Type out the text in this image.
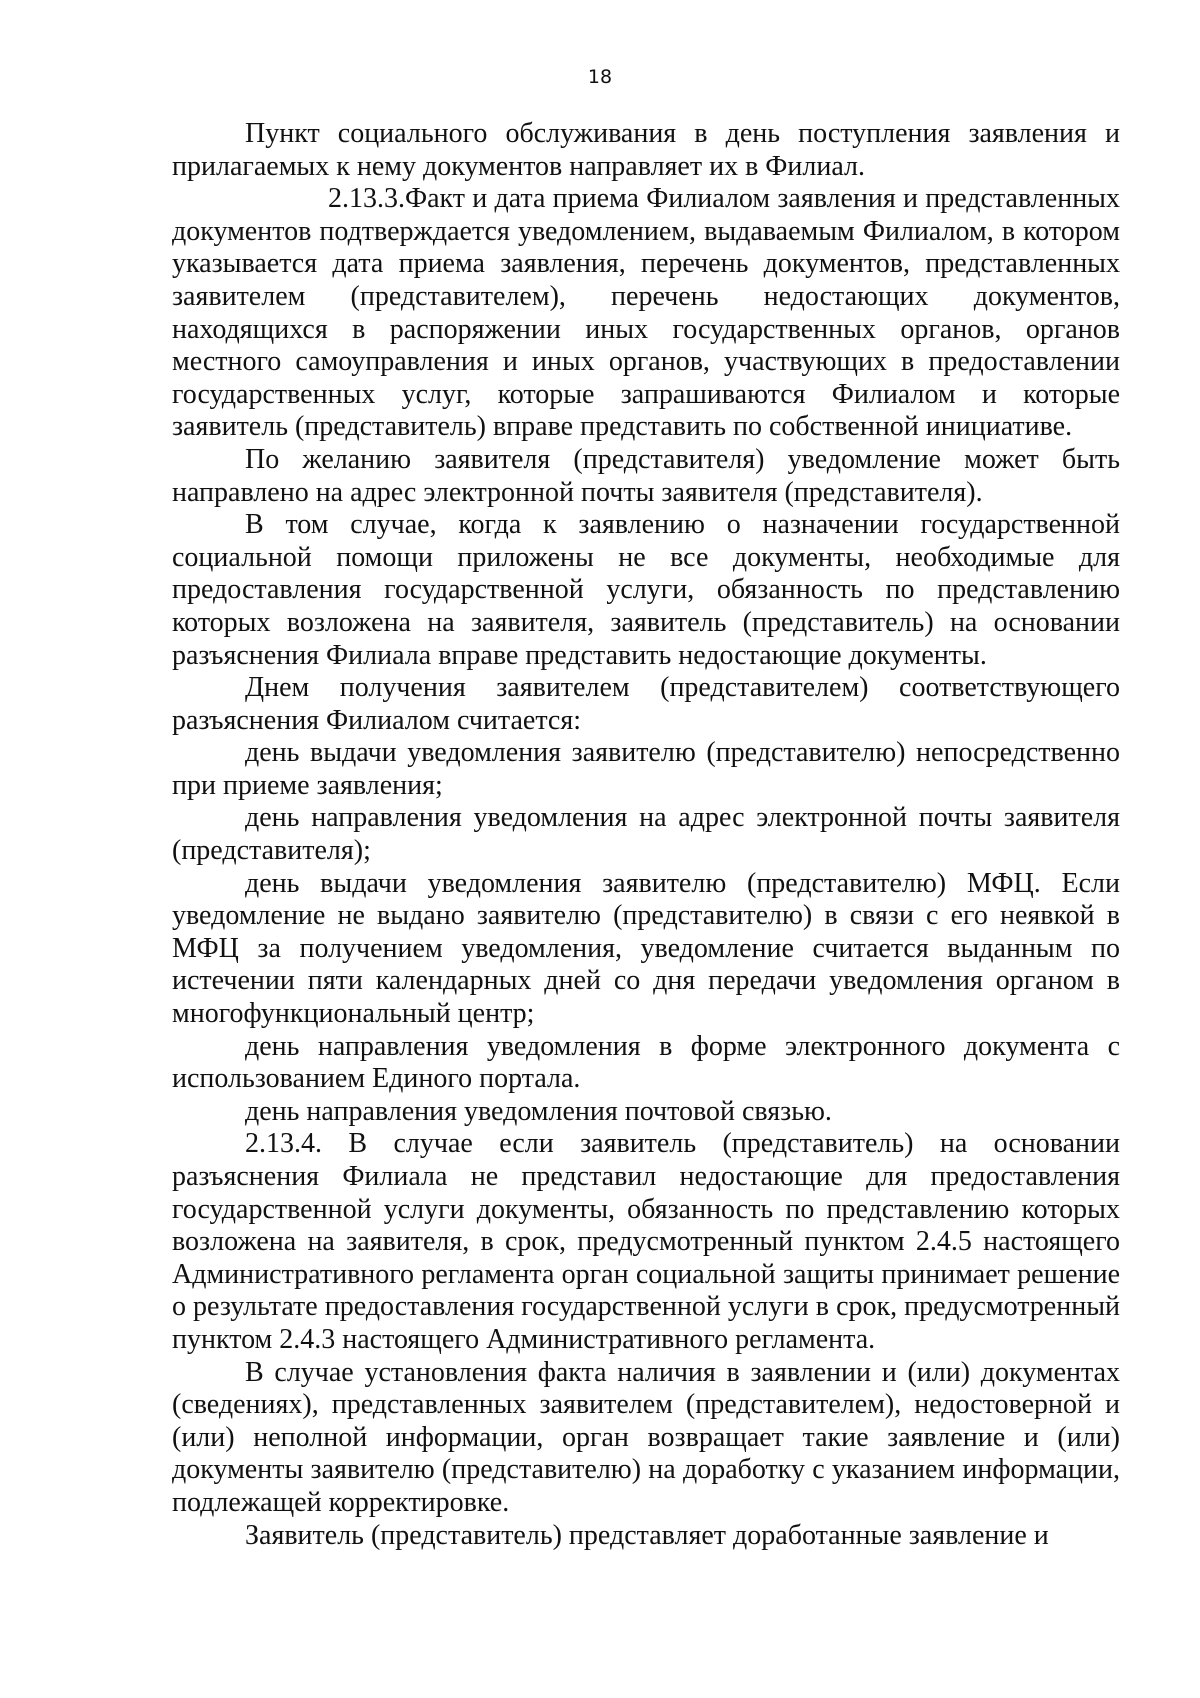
18

Пункт социального обслуживания в день поступления заявления и прилагаемых к нему документов направляет их в Филиал.

2.13.3.Факт и дата приема Филиалом заявления и представленных документов подтверждается уведомлением, выдаваемым Филиалом, в котором указывается дата приема заявления, перечень документов, представленных заявителем (представителем), перечень недостающих документов, находящихся в распоряжении иных государственных органов, органов местного самоуправления и иных органов, участвующих в предоставлении государственных услуг, которые запрашиваются Филиалом и которые заявитель (представитель) вправе представить по собственной инициативе.

По желанию заявителя (представителя) уведомление может быть направлено на адрес электронной почты заявителя (представителя).

В том случае, когда к заявлению о назначении государственной социальной помощи приложены не все документы, необходимые для предоставления государственной услуги, обязанность по представлению которых возложена на заявителя, заявитель (представитель) на основании разъяснения Филиала вправе представить недостающие документы.

Днем получения заявителем (представителем) соответствующего разъяснения Филиалом считается:

день выдачи уведомления заявителю (представителю) непосредственно при приеме заявления;

день направления уведомления на адрес электронной почты заявителя (представителя);

день выдачи уведомления заявителю (представителю) МФЦ. Если уведомление не выдано заявителю (представителю) в связи с его неявкой в МФЦ за получением уведомления, уведомление считается выданным по истечении пяти календарных дней со дня передачи уведомления органом в многофункциональный центр;

день направления уведомления в форме электронного документа с использованием Единого портала.

день направления уведомления почтовой связью.

2.13.4. В случае если заявитель (представитель) на основании разъяснения Филиала не представил недостающие для предоставления государственной услуги документы, обязанность по представлению которых возложена на заявителя, в срок, предусмотренный пунктом 2.4.5 настоящего Административного регламента орган социальной защиты принимает решение о результате предоставления государственной услуги в срок, предусмотренный пунктом 2.4.3 настоящего Административного регламента.

В случае установления факта наличия в заявлении и (или) документах (сведениях), представленных заявителем (представителем), недостоверной и (или) неполной информации, орган возвращает такие заявление и (или) документы заявителю (представителю) на доработку с указанием информации, подлежащей корректировке.

Заявитель (представитель) представляет доработанные заявление и
